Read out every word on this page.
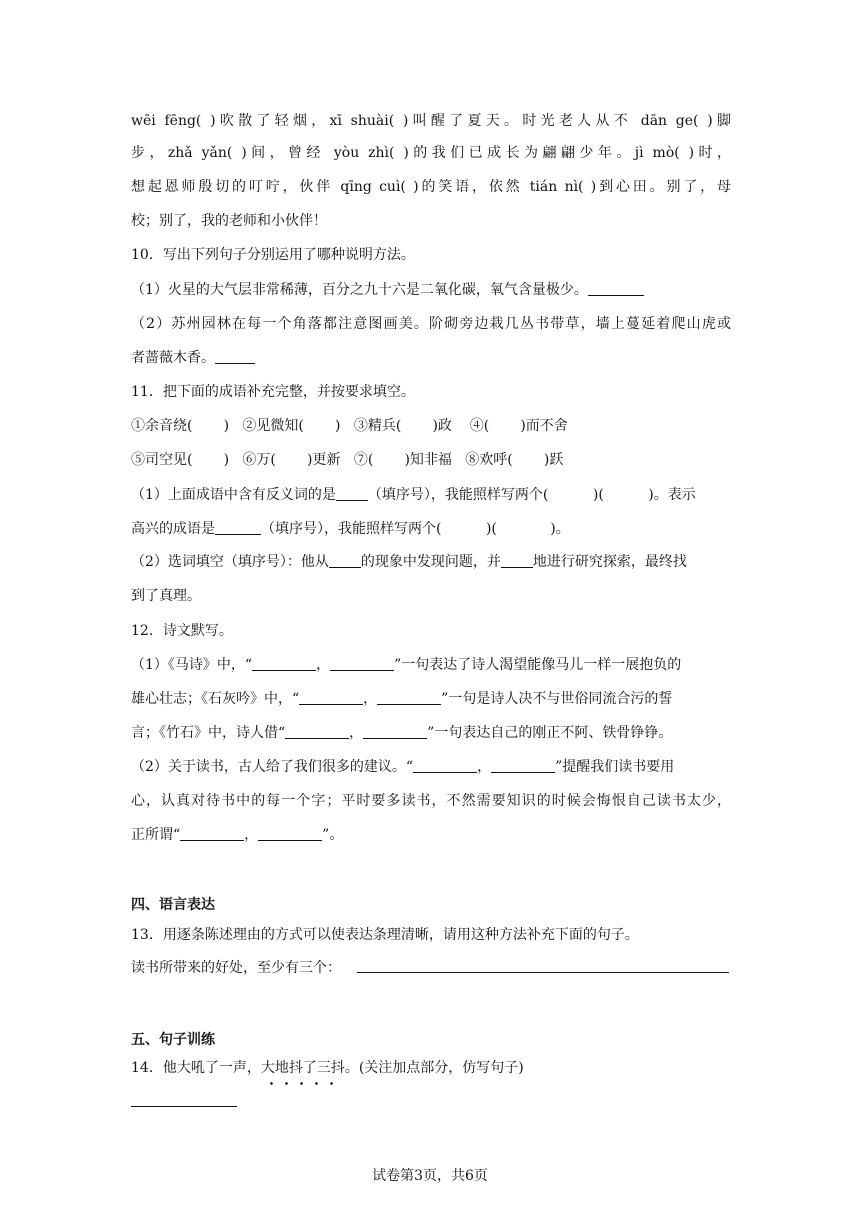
wēi fēng( )吹散了轻烟，xī shuài( )叫醒了夏天。时光老人从不 dān ge( )脚
步，zhǎ yǎn( )间，曾经 yòu zhì( )的我们已成长为翩翩少年。jì mò( )时，
想起恩师殷切的叮咛，伙伴 qīng cuì( )的笑语，依然 tián nì( )到心田。别了，母
校；别了，我的老师和小伙伴！
10．写出下列句子分别运用了哪种说明方法。
（1）火星的大气层非常稀薄，百分之九十六是二氧化碳，氧气含量极少。
（2）苏州园林在每一个角落都注意图画美。阶砌旁边栽几丛书带草，墙上蔓延着爬山虎或
者蔷薇木香。
11．把下面的成语补充完整，并按要求填空。
①余音绕(       )   ②见微知(       )   ③精兵(       )政    ④(       )而不舍
⑤司空见(       )   ⑥万(       )更新   ⑦(       )知非福   ⑧欢呼(       )跃
（1）上面成语中含有反义词的是 （填序号），我能照样写两个(          )(          )。表示
高兴的成语是	（填序号），我能照样写两个(          )(            )。
（2）选词填空（填序号）：他从 的现象中发现问题，并 地进行研究探索，最终找
到了真理。
12．诗文默写。
（1）《马诗》中，“	，	”一句表达了诗人渴望能像马儿一样一展抱负的
雄心壮志；《石灰吟》中，“	，	”一句是诗人决不与世俗同流合污的誓
言；《竹石》中，诗人借“	，	”一句表达自己的刚正不阿、铁骨铮铮。
（2）关于读书，古人给了我们很多的建议。“	，	”提醒我们读书要用
心，认真对待书中的每一个字；平时要多读书，不然需要知识的时候会悔恨自己读书太少，
正所谓“	，	”。
四、语言表达
13．用逐条陈述理由的方式可以使表达条理清晰，请用这种方法补充下面的句子。
读书所带来的好处，至少有三个：
五、句子训练
14．他大吼了一声，大地抖了三抖
。(关注加点部分，仿写句子)
试卷第3页，共6页
